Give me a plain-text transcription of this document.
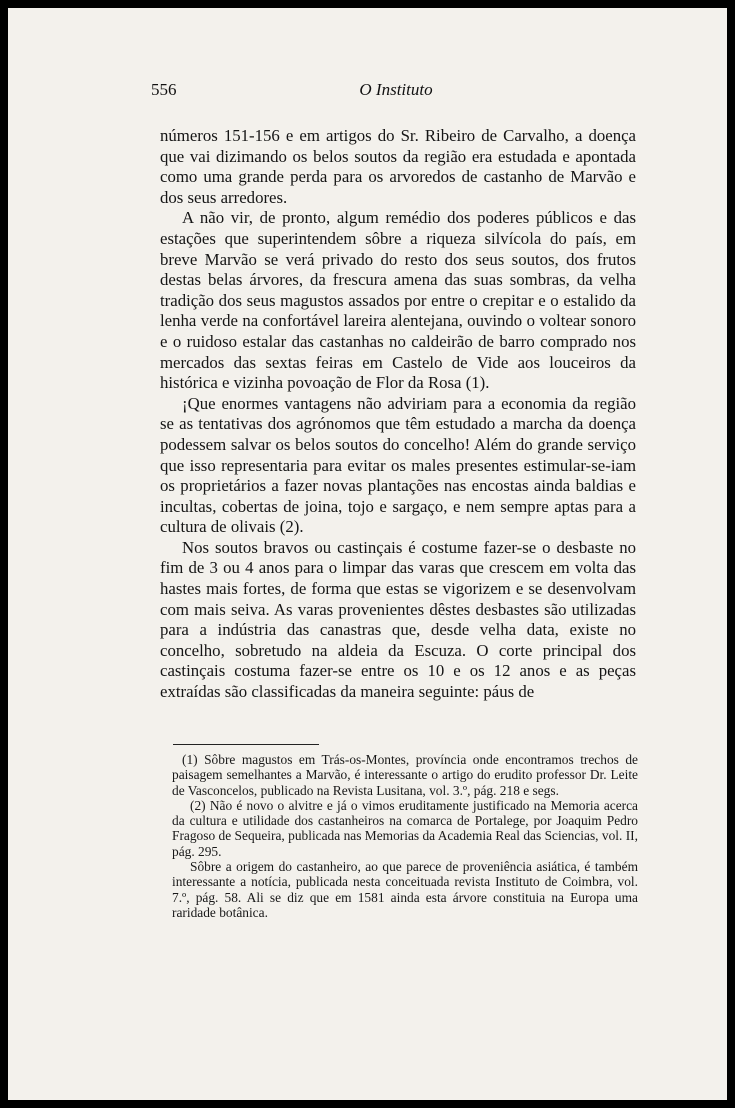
556	O Instituto

números 151-156 e em artigos do Sr. Ribeiro de Carvalho, a doença que vai dizimando os belos soutos da região era estudada e apontada como uma grande perda para os arvoredos de castanho de Marvão e dos seus arredores.

A não vir, de pronto, algum remédio dos poderes públicos e das estações que superintendem sôbre a riqueza silvícola do país, em breve Marvão se verá privado do resto dos seus soutos, dos frutos destas belas árvores, da frescura amena das suas sombras, da velha tradição dos seus magustos assados por entre o crepitar e o estalido da lenha verde na confortável lareira alentejana, ouvindo o voltear sonoro e o ruidoso estalar das castanhas no caldeirão de barro comprado nos mercados das sextas feiras em Castelo de Vide aos louceiros da histórica e vizinha povoação de Flor da Rosa (1).

¡Que enormes vantagens não adviriam para a economia da região se as tentativas dos agrónomos que têm estudado a marcha da doença podessem salvar os belos soutos do concelho! Além do grande serviço que isso representaria para evitar os males presentes estimular-se-iam os proprietários a fazer novas plantações nas encostas ainda baldias e incultas, cobertas de joina, tojo e sargaço, e nem sempre aptas para a cultura de olivais (2).

Nos soutos bravos ou castinçais é costume fazer-se o desbaste no fim de 3 ou 4 anos para o limpar das varas que crescem em volta das hastes mais fortes, de forma que estas se vigorizem e se desenvolvam com mais seiva. As varas provenientes dêstes desbastes são utilizadas para a indústria das canastras que, desde velha data, existe no concelho, sobretudo na aldeia da Escuza. O corte principal dos castinçais costuma fazer-se entre os 10 e os 12 anos e as peças extraídas são classificadas da maneira seguinte: páus de

(1) Sôbre magustos em Trás-os-Montes, província onde encontramos trechos de paisagem semelhantes a Marvão, é interessante o artigo do erudito professor Dr. Leite de Vasconcelos, publicado na Revista Lusitana, vol. 3.º, pág. 218 e segs.

(2) Não é novo o alvitre e já o vimos eruditamente justificado na Memoria acerca da cultura e utilidade dos castanheiros na comarca de Portalege, por Joaquim Pedro Fragoso de Sequeira, publicada nas Memorias da Academia Real das Sciencias, vol. II, pág. 295.

Sôbre a origem do castanheiro, ao que parece de proveniência asiática, é também interessante a notícia, publicada nesta conceituada revista Instituto de Coimbra, vol. 7.º, pág. 58. Ali se diz que em 1581 ainda esta árvore constituia na Europa uma raridade botânica.
